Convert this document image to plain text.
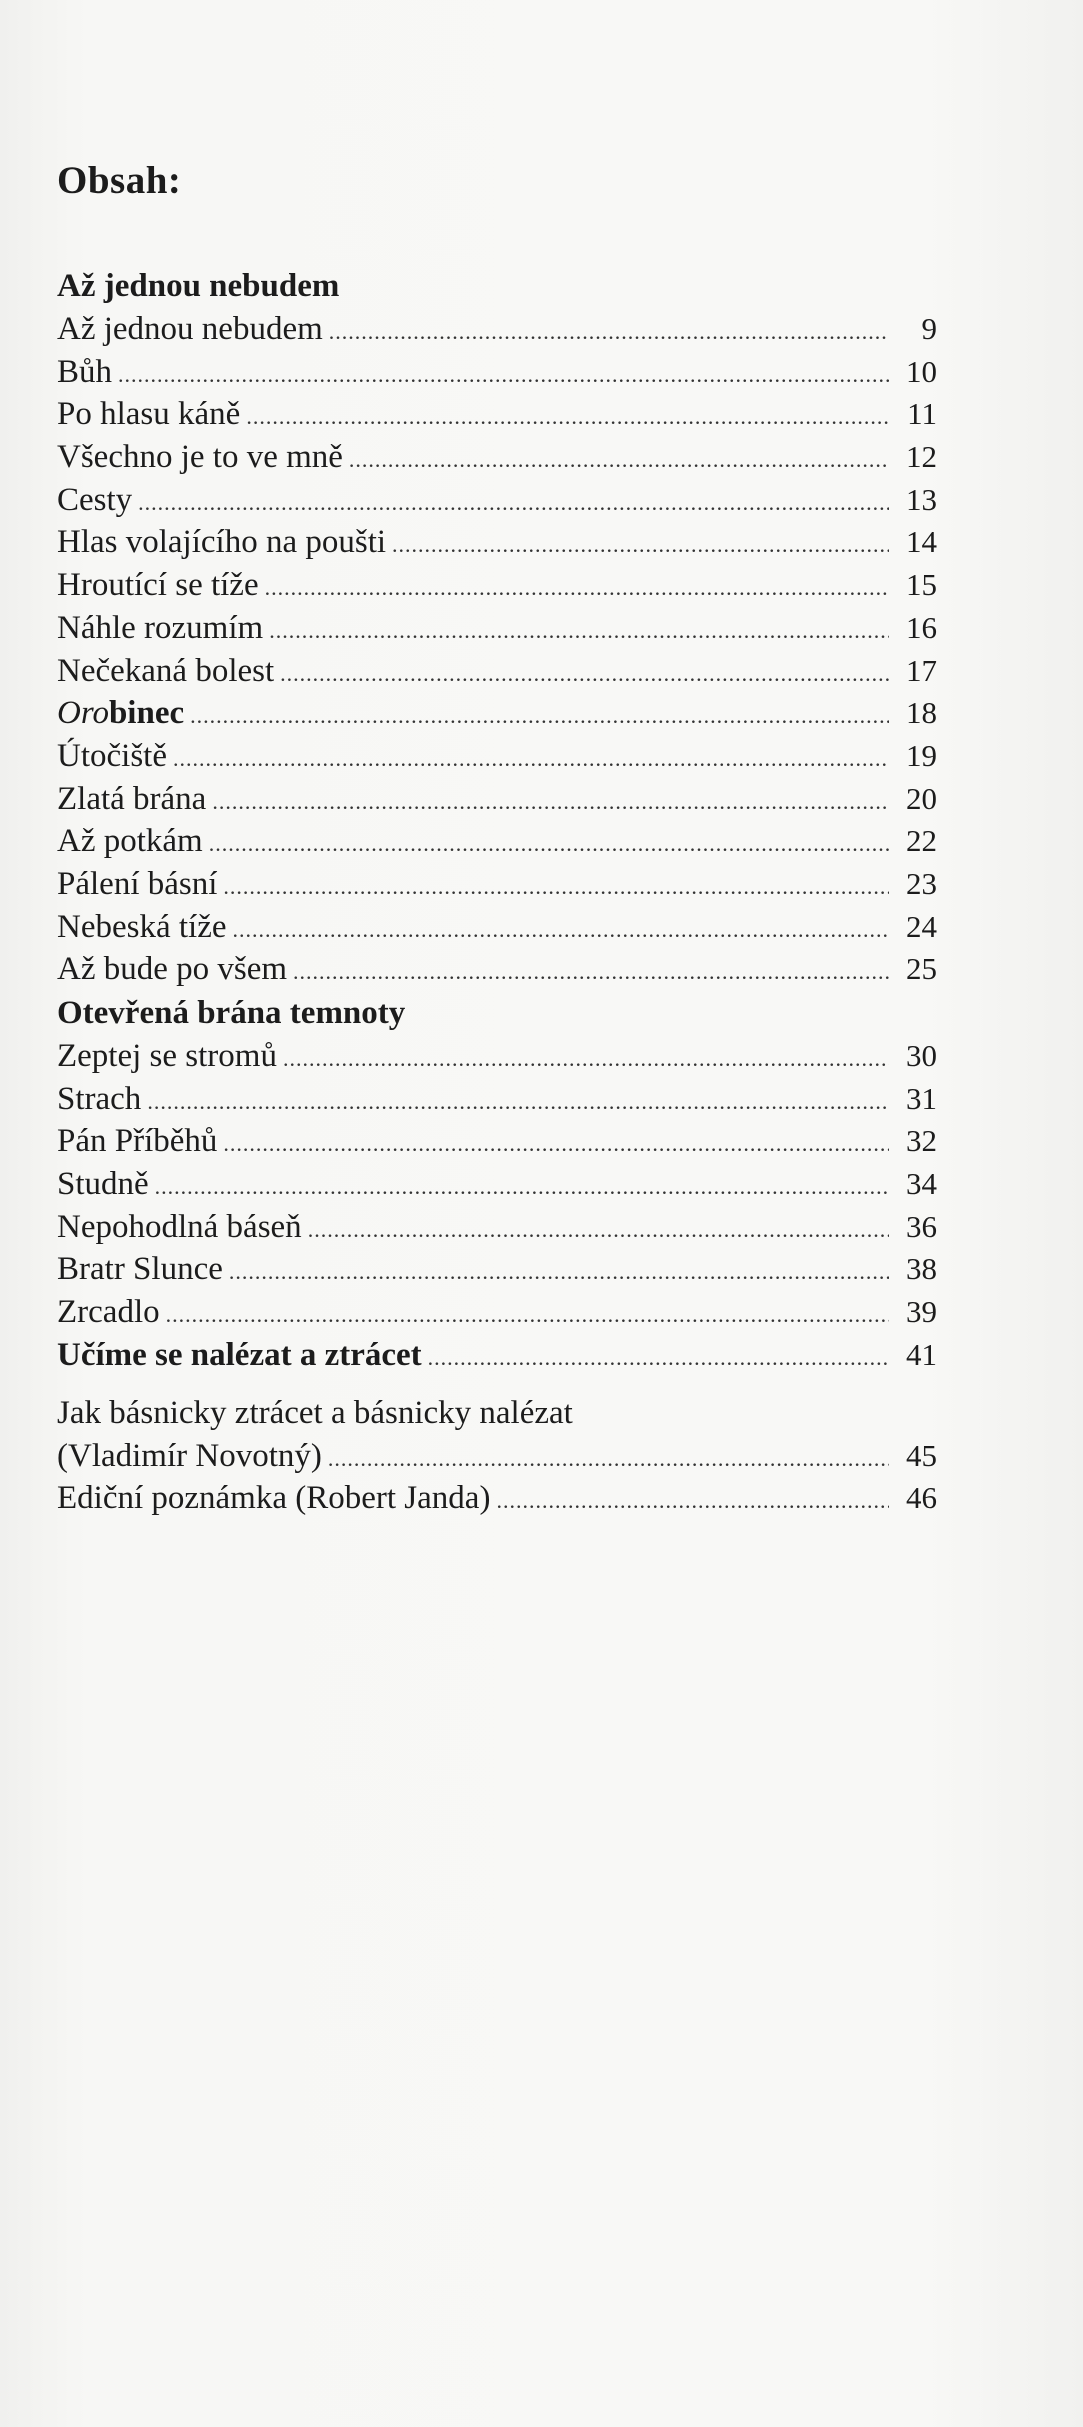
Obsah:
Až jednou nebudem
Až jednou nebudem .....	9
Bůh .....	10
Po hlasu káně .....	11
Všechno je to ve mně .....	12
Cesty .....	13
Hlas volajícího na poušti .....	14
Hroutící se tíže .....	15
Náhle rozumím .....	16
Nečekaná bolest .....	17
Orobinec .....	18
Útočiště .....	19
Zlatá brána .....	20
Až potkám .....	22
Pálení básní .....	23
Nebeská tíže .....	24
Až bude po všem .....	25
Otevřená brána temnoty
Zeptej se stromů .....	30
Strach .....	31
Pán Příběhů .....	32
Studně .....	34
Nepohodlná báseň .....	36
Bratr Slunce .....	38
Zrcadlo .....	39
Učíme se nalézat a ztrácet .....	41
Jak básnicky ztrácet a básnicky nalézat
(Vladimír Novotný) .....	45
Ediční poznámka (Robert Janda) .....	46
